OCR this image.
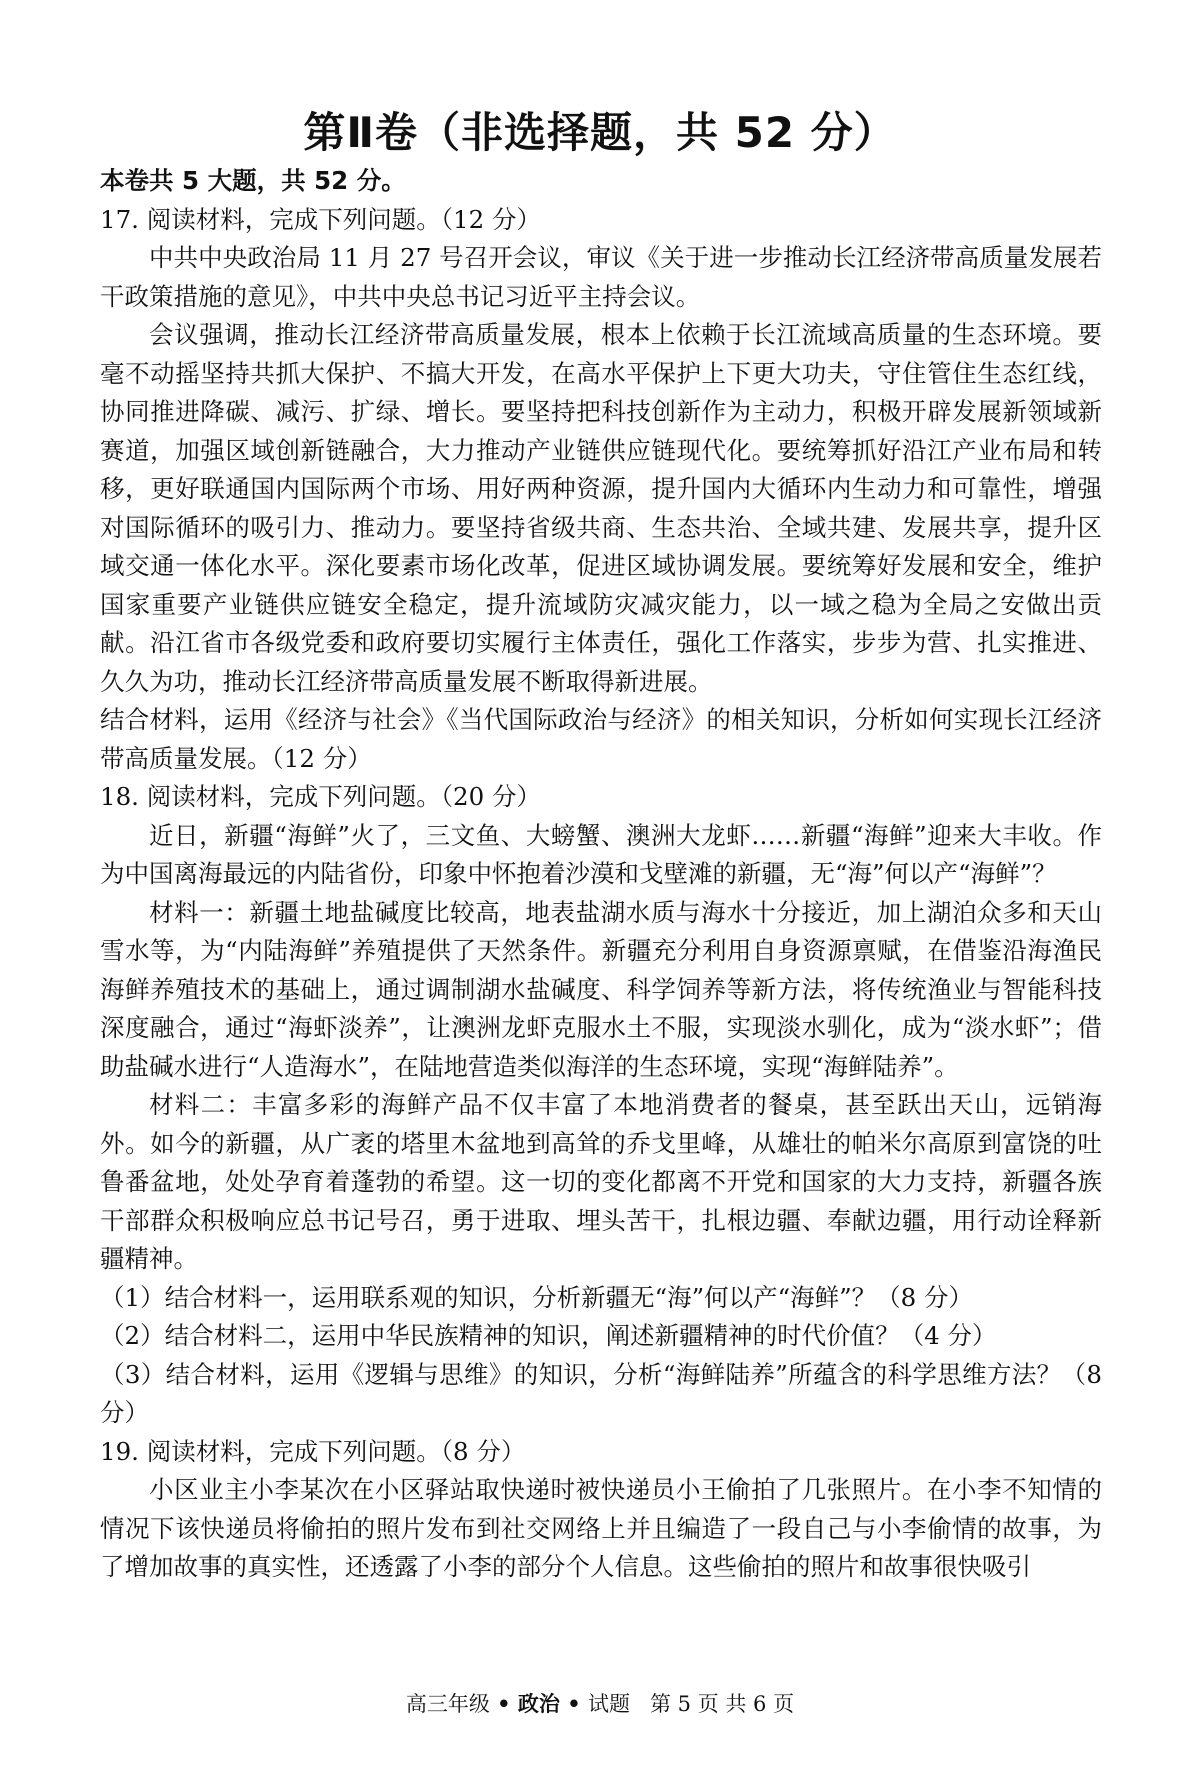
第Ⅱ卷（非选择题，共 52 分）

本卷共 5 大题，共 52 分。

17. 阅读材料，完成下列问题。（12 分）

中共中央政治局 11 月 27 号召开会议，审议《关于进一步推动长江经济带高质量发展若干政策措施的意见》，中共中央总书记习近平主持会议。

会议强调，推动长江经济带高质量发展，根本上依赖于长江流域高质量的生态环境。要毫不动摇坚持共抓大保护、不搞大开发，在高水平保护上下更大功夫，守住管住生态红线，协同推进降碳、减污、扩绿、增长。要坚持把科技创新作为主动力，积极开辟发展新领域新赛道，加强区域创新链融合，大力推动产业链供应链现代化。要统筹抓好沿江产业布局和转移，更好联通国内国际两个市场、用好两种资源，提升国内大循环内生动力和可靠性，增强对国际循环的吸引力、推动力。要坚持省级共商、生态共治、全域共建、发展共享，提升区域交通一体化水平。深化要素市场化改革，促进区域协调发展。要统筹好发展和安全，维护国家重要产业链供应链安全稳定，提升流域防灾减灾能力，以一域之稳为全局之安做出贡献。沿江省市各级党委和政府要切实履行主体责任，强化工作落实，步步为营、扎实推进、久久为功，推动长江经济带高质量发展不断取得新进展。

结合材料，运用《经济与社会》《当代国际政治与经济》的相关知识，分析如何实现长江经济带高质量发展。（12 分）

18. 阅读材料，完成下列问题。（20 分）

近日，新疆“海鲜”火了，三文鱼、大螃蟹、澳洲大龙虾……新疆“海鲜”迎来大丰收。作为中国离海最远的内陆省份，印象中怀抱着沙漠和戈壁滩的新疆，无“海”何以产“海鲜”？

材料一：新疆土地盐碱度比较高，地表盐湖水质与海水十分接近，加上湖泊众多和天山雪水等，为“内陆海鲜”养殖提供了天然条件。新疆充分利用自身资源禀赋，在借鉴沿海渔民海鲜养殖技术的基础上，通过调制湖水盐碱度、科学饲养等新方法，将传统渔业与智能科技深度融合，通过“海虾淡养”，让澳洲龙虾克服水土不服，实现淡水驯化，成为“淡水虾”；借助盐碱水进行“人造海水”，在陆地营造类似海洋的生态环境，实现“海鲜陆养”。

材料二：丰富多彩的海鲜产品不仅丰富了本地消费者的餐桌，甚至跃出天山，远销海外。如今的新疆，从广袤的塔里木盆地到高耸的乔戈里峰，从雄壮的帕米尔高原到富饶的吐鲁番盆地，处处孕育着蓬勃的希望。这一切的变化都离不开党和国家的大力支持，新疆各族干部群众积极响应总书记号召，勇于进取、埋头苦干，扎根边疆、奉献边疆，用行动诠释新疆精神。

（1）结合材料一，运用联系观的知识，分析新疆无“海”何以产“海鲜”？（8 分）

（2）结合材料二，运用中华民族精神的知识，阐述新疆精神的时代价值？（4 分）

（3）结合材料，运用《逻辑与思维》的知识，分析“海鲜陆养”所蕴含的科学思维方法？（8 分）

19. 阅读材料，完成下列问题。（8 分）

小区业主小李某次在小区驿站取快递时被快递员小王偷拍了几张照片。在小李不知情的情况下该快递员将偷拍的照片发布到社交网络上并且编造了一段自己与小李偷情的故事，为了增加故事的真实性，还透露了小李的部分个人信息。这些偷拍的照片和故事很快吸引

高三年级 • 政治 • 试题 第 5 页 共 6 页
